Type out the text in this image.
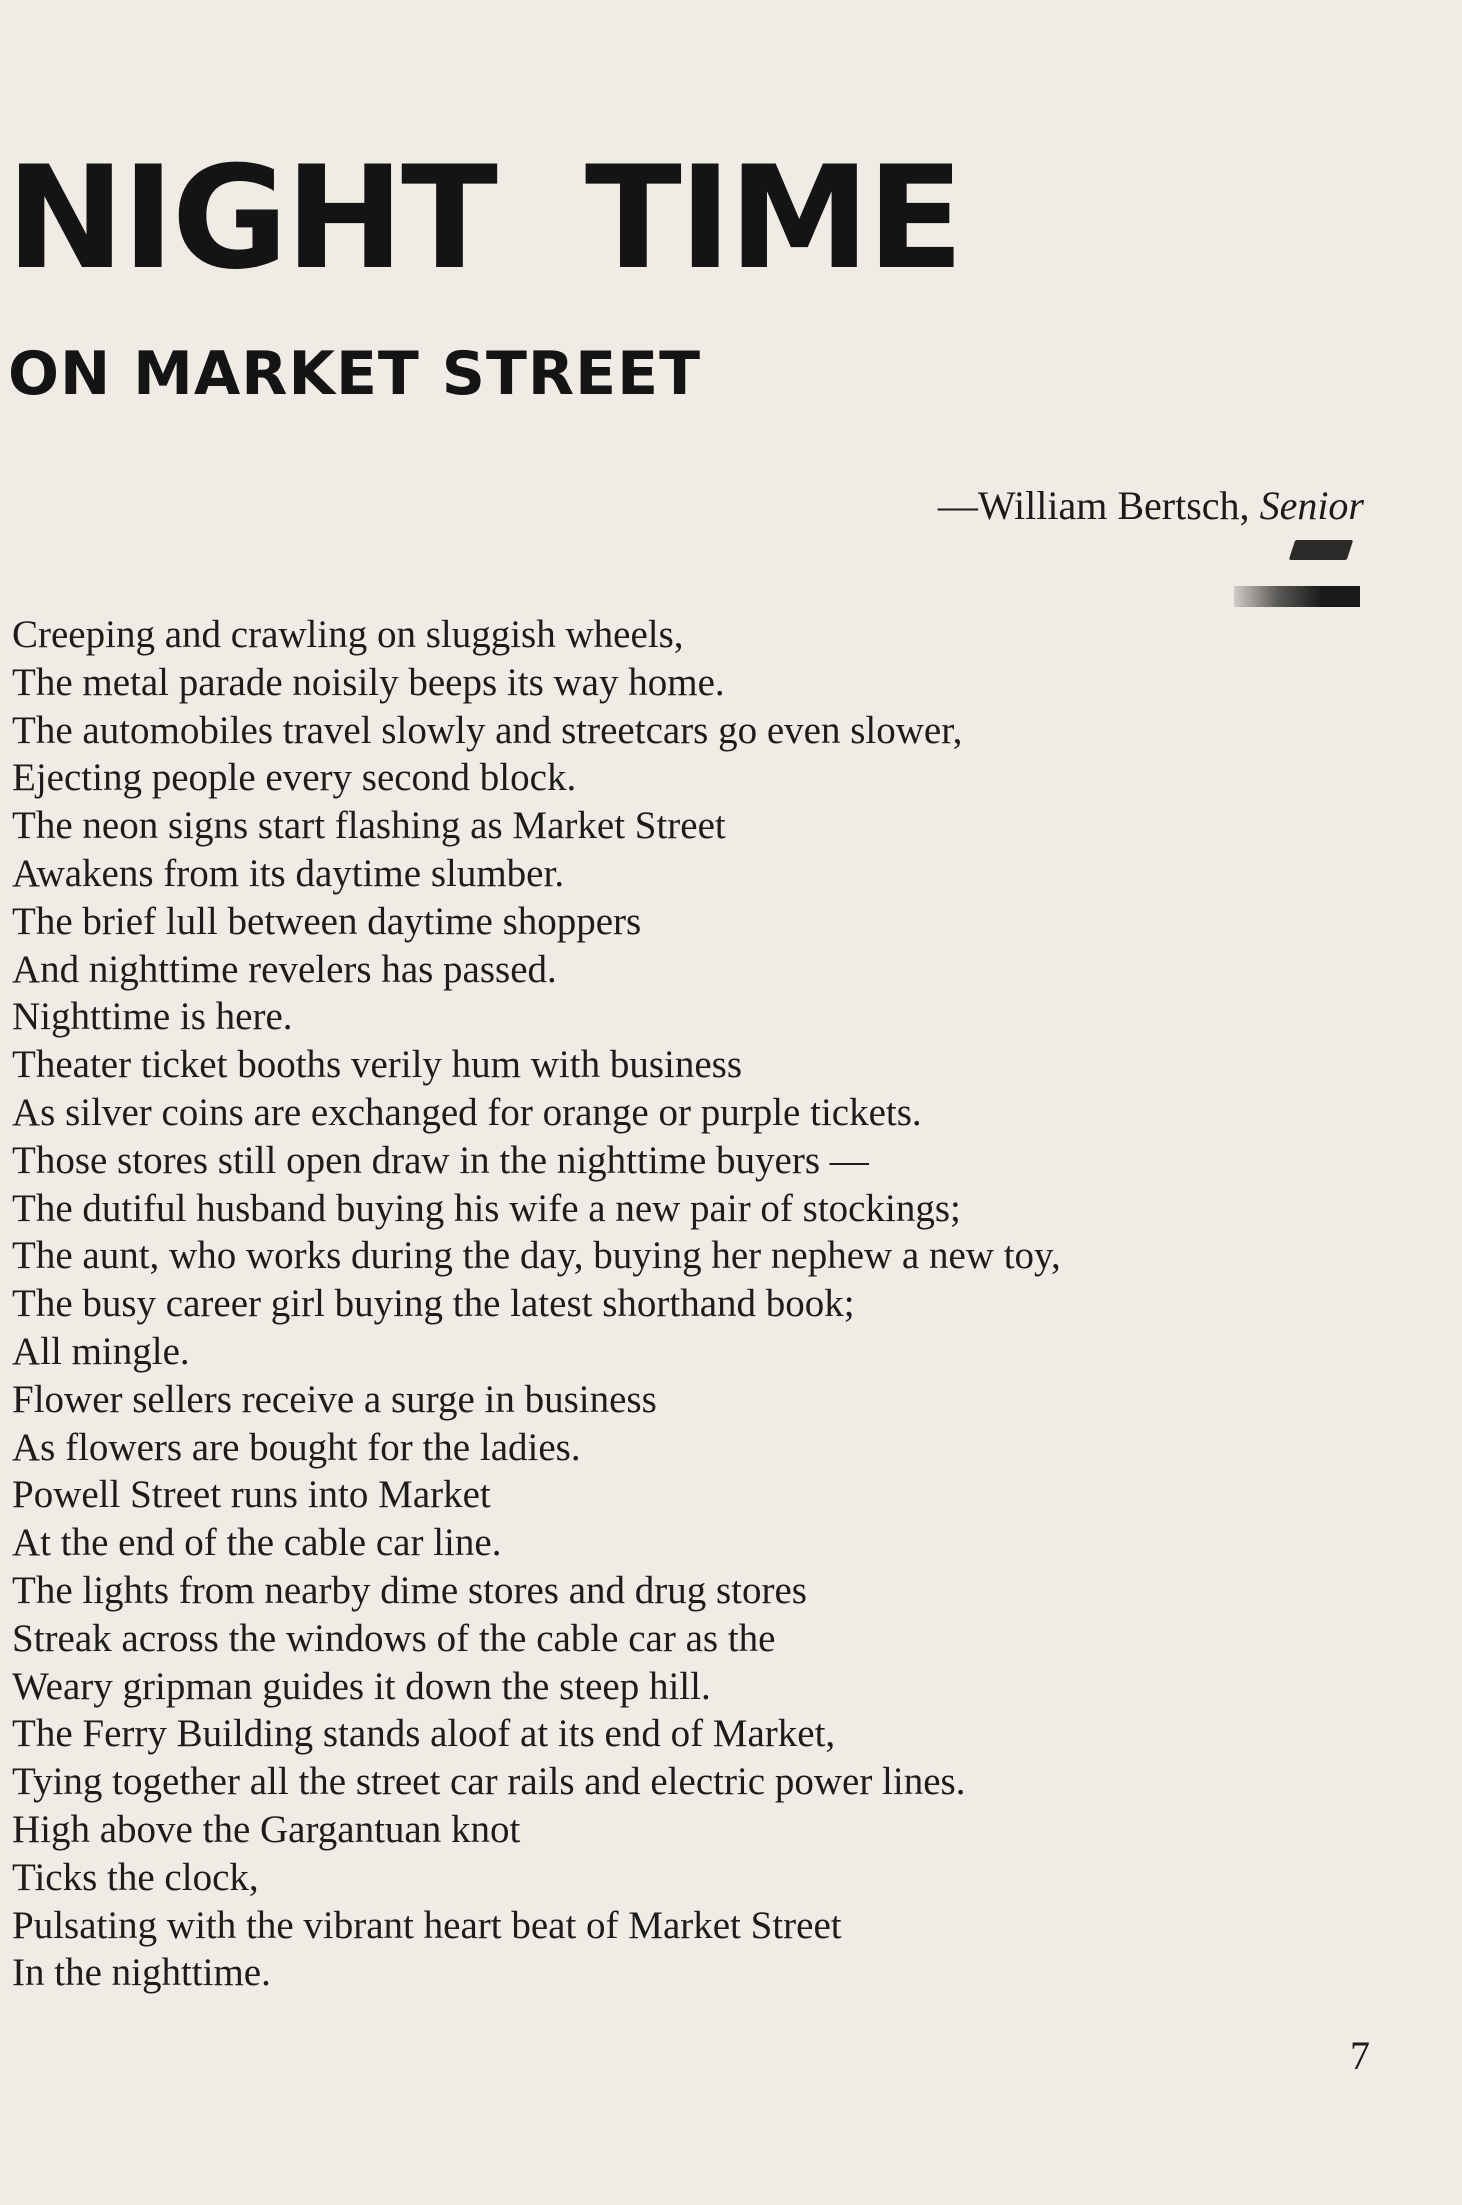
NIGHT TIME
ON MARKET STREET
—William Bertsch, Senior
Creeping and crawling on sluggish wheels,
The metal parade noisily beeps its way home.
The automobiles travel slowly and streetcars go even slower,
Ejecting people every second block.
The neon signs start flashing as Market Street
Awakens from its daytime slumber.
The brief lull between daytime shoppers
And nighttime revelers has passed.
Nighttime is here.
Theater ticket booths verily hum with business
As silver coins are exchanged for orange or purple tickets.
Those stores still open draw in the nighttime buyers —
The dutiful husband buying his wife a new pair of stockings;
The aunt, who works during the day, buying her nephew a new toy,
The busy career girl buying the latest shorthand book;
All mingle.
Flower sellers receive a surge in business
As flowers are bought for the ladies.
Powell Street runs into Market
At the end of the cable car line.
The lights from nearby dime stores and drug stores
Streak across the windows of the cable car as the
Weary gripman guides it down the steep hill.
The Ferry Building stands aloof at its end of Market,
Tying together all the street car rails and electric power lines.
High above the Gargantuan knot
Ticks the clock,
Pulsating with the vibrant heart beat of Market Street
In the nighttime.
7
